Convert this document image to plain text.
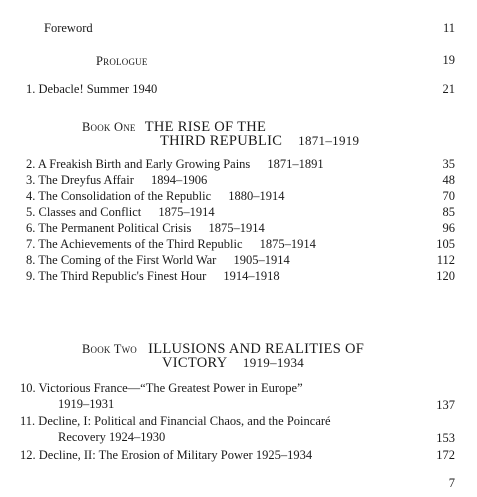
Foreword	11
Prologue	19
1. Debacle! Summer 1940	21
Book One THE RISE OF THE
THIRD REPUBLIC 1871–1919
2. A Freakish Birth and Early Growing Pains 1871–1891	35
3. The Dreyfus Affair 1894–1906	48
4. The Consolidation of the Republic 1880–1914	70
5. Classes and Conflict 1875–1914	85
6. The Permanent Political Crisis 1875–1914	96
7. The Achievements of the Third Republic 1875–1914	105
8. The Coming of the First World War 1905–1914	112
9. The Third Republic's Finest Hour 1914–1918	120
Book Two ILLUSIONS AND REALITIES OF
VICTORY 1919–1934
10. Victorious France—“The Greatest Power in Europe”
1919–1931	137
11. Decline, I: Political and Financial Chaos, and the Poincaré
Recovery 1924–1930	153
12. Decline, II: The Erosion of Military Power 1925–1934	172
7
